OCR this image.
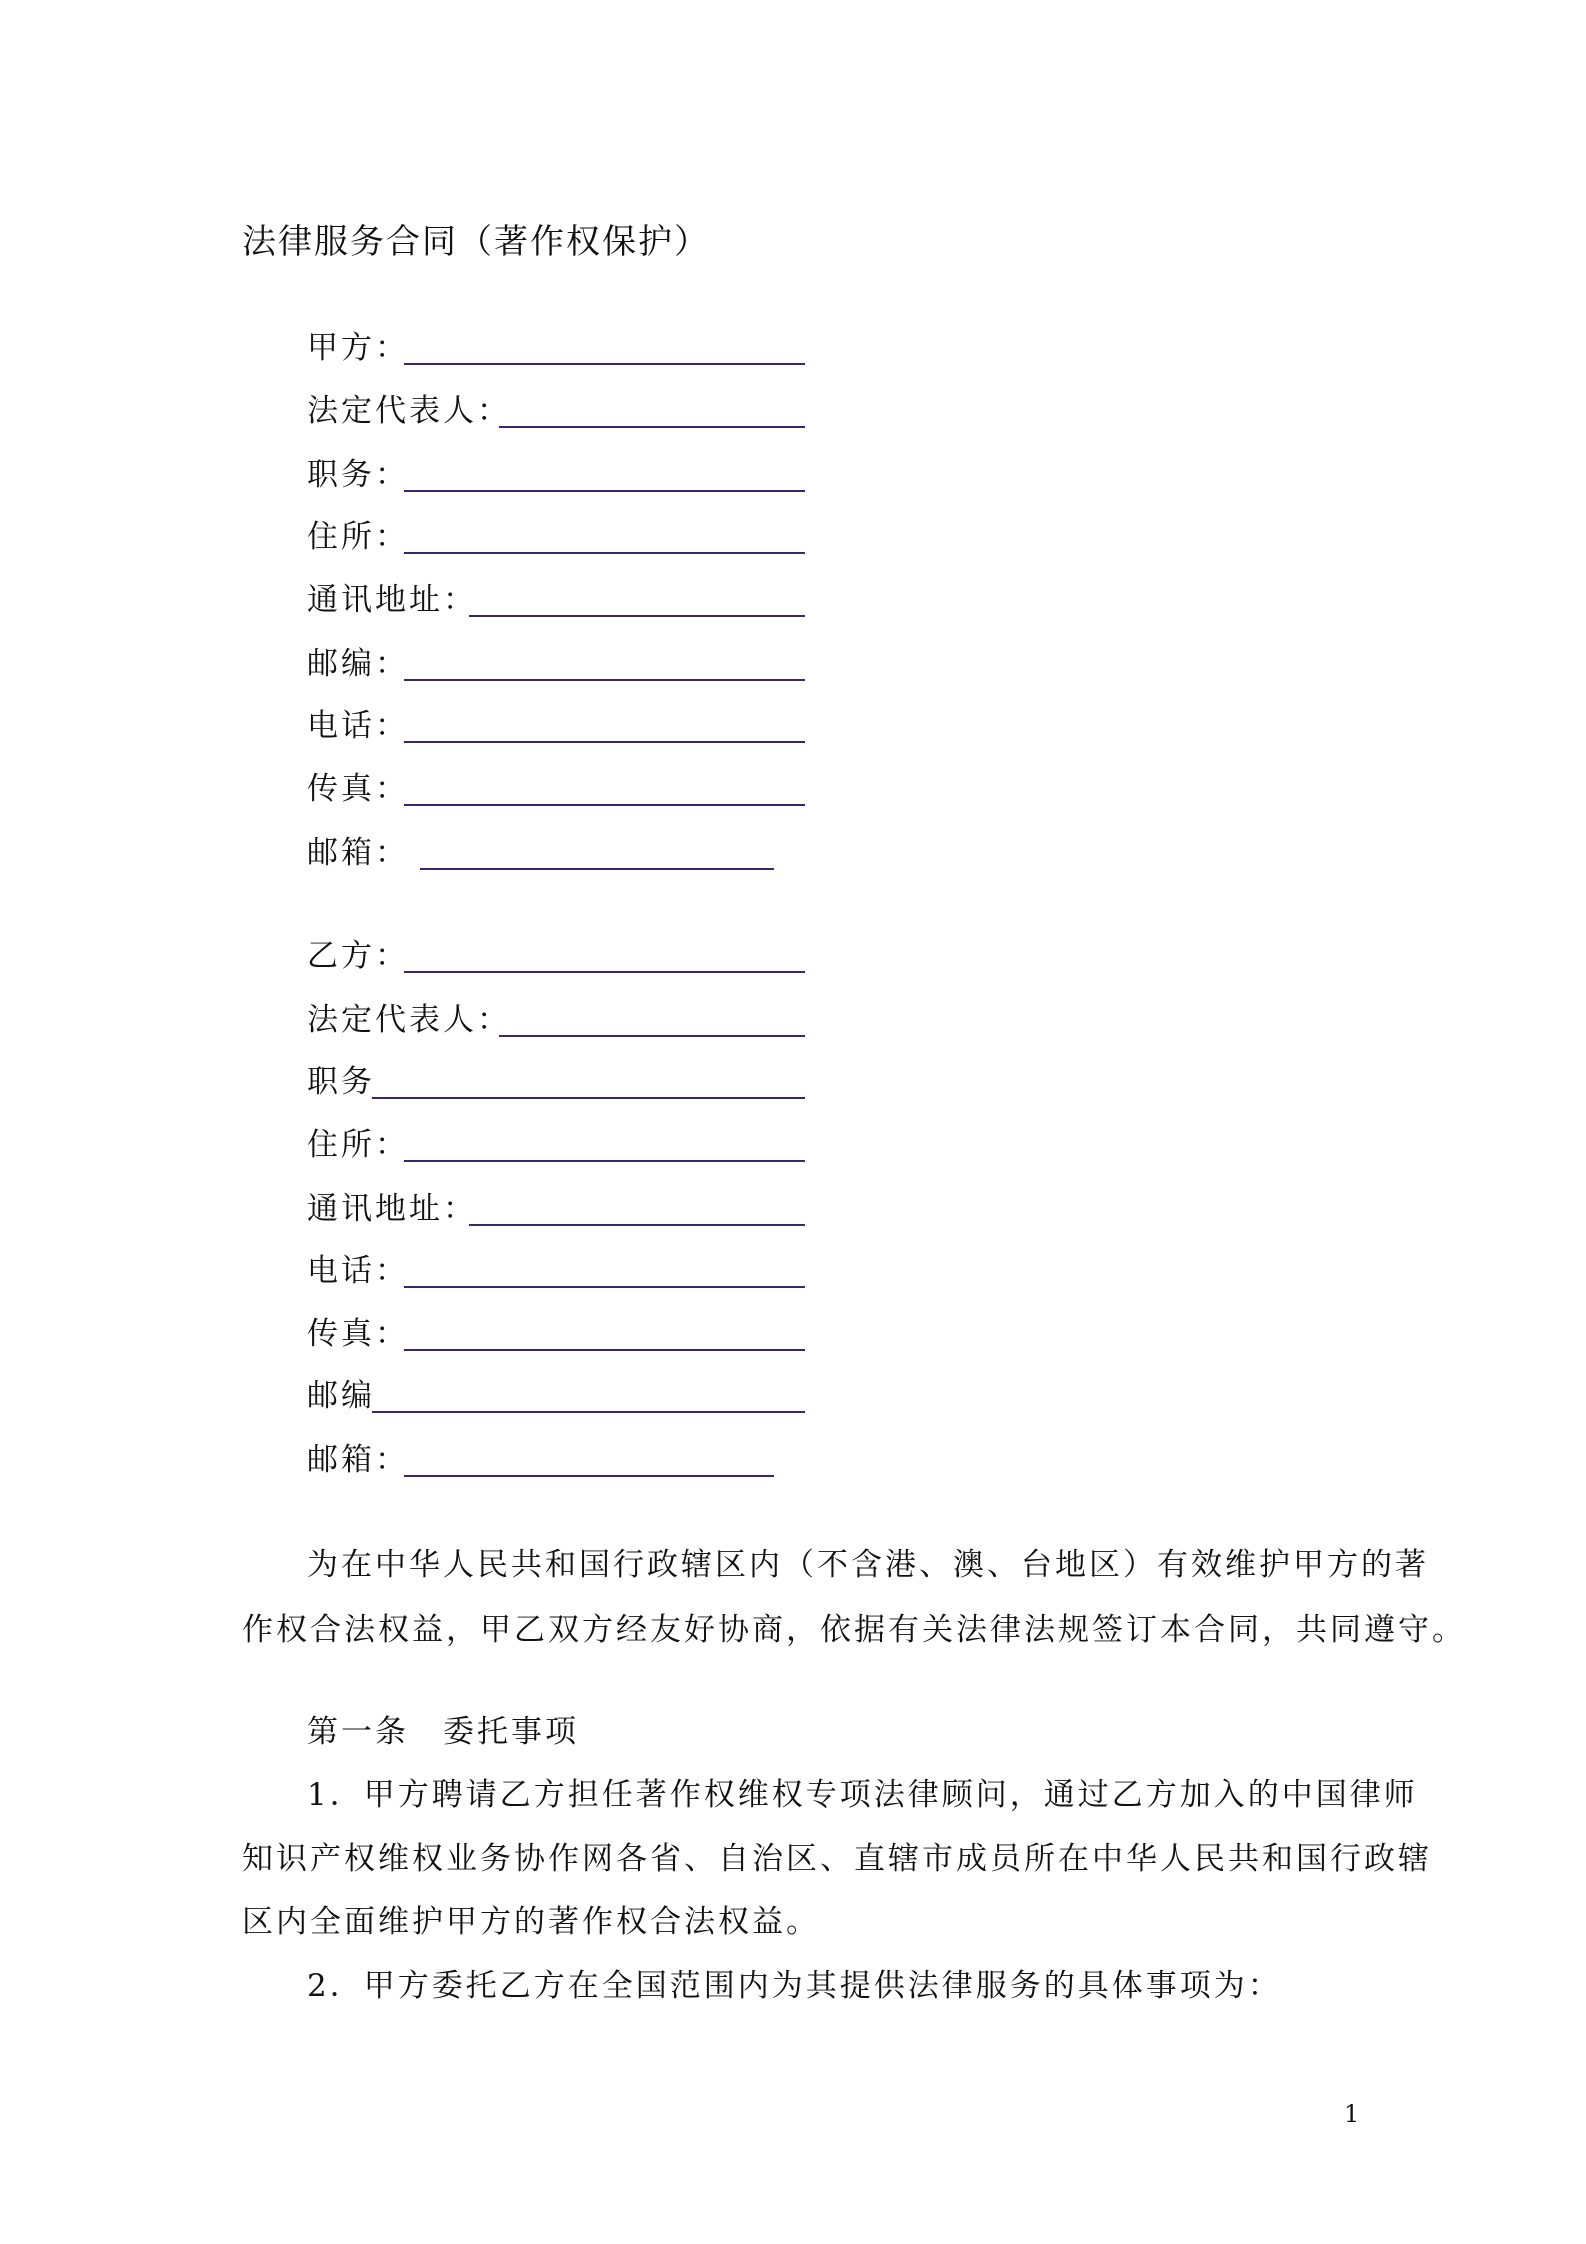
法律服务合同（著作权保护）
甲方：
法定代表人：
职务：
住所：
通讯地址：
邮编：
电话：
传真：
邮箱：
乙方：
法定代表人：
职务
住所：
通讯地址：
电话：
传真：
邮编
邮箱：
为在中华人民共和国行政辖区内（不含港、澳、台地区）有效维护甲方的著
作权合法权益，甲乙双方经友好协商，依据有关法律法规签订本合同，共同遵守。
第一条　委托事项
1．甲方聘请乙方担任著作权维权专项法律顾问，通过乙方加入的中国律师
知识产权维权业务协作网各省、自治区、直辖市成员所在中华人民共和国行政辖
区内全面维护甲方的著作权合法权益。
2．甲方委托乙方在全国范围内为其提供法律服务的具体事项为：
1
